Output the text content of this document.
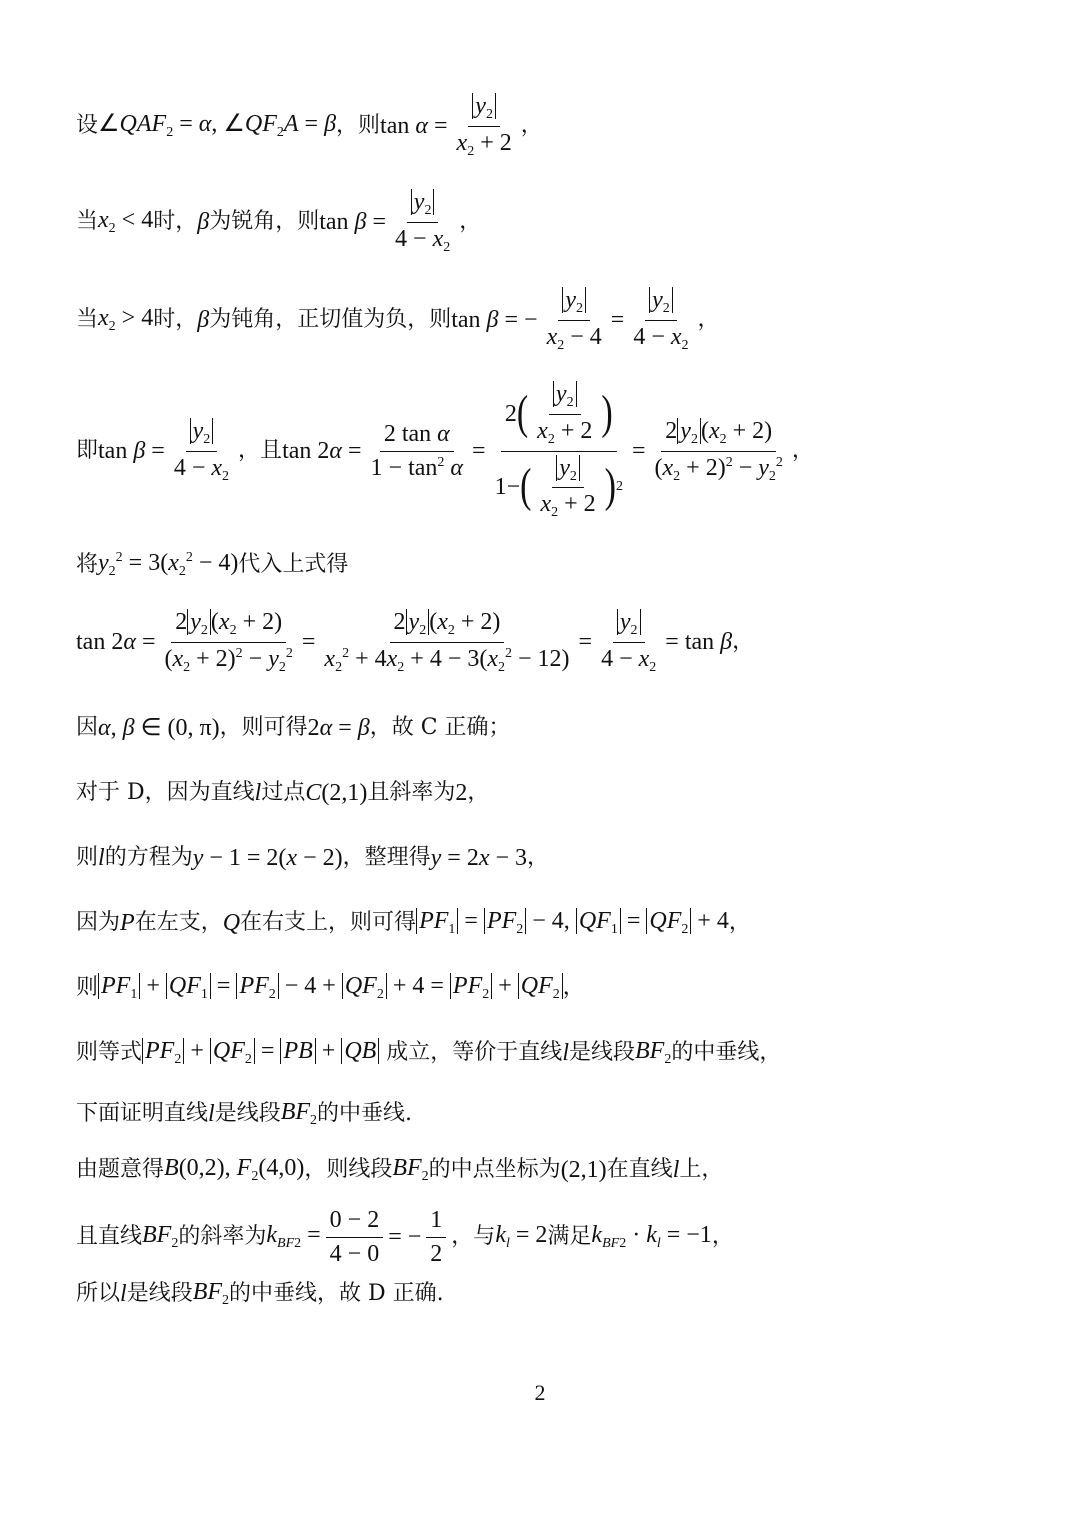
设 $\angle QAF_2 = \alpha$, $\angle QF_2A = \beta$ ，则 $\tan \alpha = \frac{y_2}{x_2 + 2}$ ，
当 $x_2 < 4$ 时， β 为锐角，则 $\tan \beta = \frac{y_2}{4 - x_2}$ ，
当 $x_2 > 4$ 时， β 为钝角，正切值为负，则 tan β = − $\frac{y_2}{x_2 - 4} = \frac{y_2}{4 - x_2}$ ，
即 $\tan \beta = \frac{y_2}{4 - x_2}$ ，且 $\tan 2\alpha = \frac{\text{2 tan α}}{1 - \tan^2 \alpha} = \frac{2 ( \frac{y_2}{x_2 + 2} )}{1- ( \frac{y_2}{x_2 + 2} ) 2} = \frac{2 y_2 (x_2 + 2)}{(x_2 + 2)^2 - y_2^2}$ ，
将 $y_2^2 = 3(x_2^2 - 4)$ 代入上式得
$\tan 2\alpha = \frac{2 y_2 (x_2 + 2)}{(x_2 + 2)^2 - y_2^2} = \frac{2 y_2 (x_2 + 2)}{x_2^2 + 4x_2 + 4 - 3(x_2^2 - 12)} = \frac{y_2}{4 - x_2} = \tan \beta$ ，
因 α, β ∈ (0, π) ，则可得 2α = β ，故 C 正确；
对于 D，因为直线 l 过点 C(2,1) 且斜率为 2 ，
则 l 的方程为 y − 1 = 2(x − 2) ，整理得 y = 2x − 3 ，
因为 P 在左支， Q 在右支上，则可得 $PF_1 = PF_2 - 4$, $QF_1 = QF_2 + 4$ ，
则 $PF_1 + QF_1 = PF_2 - 4 + QF_2 + 4 = PF_2 + QF_2$ ，
则等式 $PF_2 + QF_2$ = PB + QB 成立，等价于直线 l 是线段 $BF_2$ 的中垂线，
下面证明直线 l 是线段 $BF_2$ 的中垂线.
由题意得 B(0,2), $F_2(4,0)$ ，则线段 $BF_2$ 的中点坐标为 (2,1) 在直线 l 上，
且直线 $BF_2$ 的斜率为 $k_{BF2} = \frac{0 - 2}{4 - 0}$ = − $\frac{1}{2}$ ，与 $k_l = 2$ 满足 $k_{BF2} \cdot k_l = -1$ ，
所以 l 是线段 $BF_2$ 的中垂线，故 D 正确.
2
